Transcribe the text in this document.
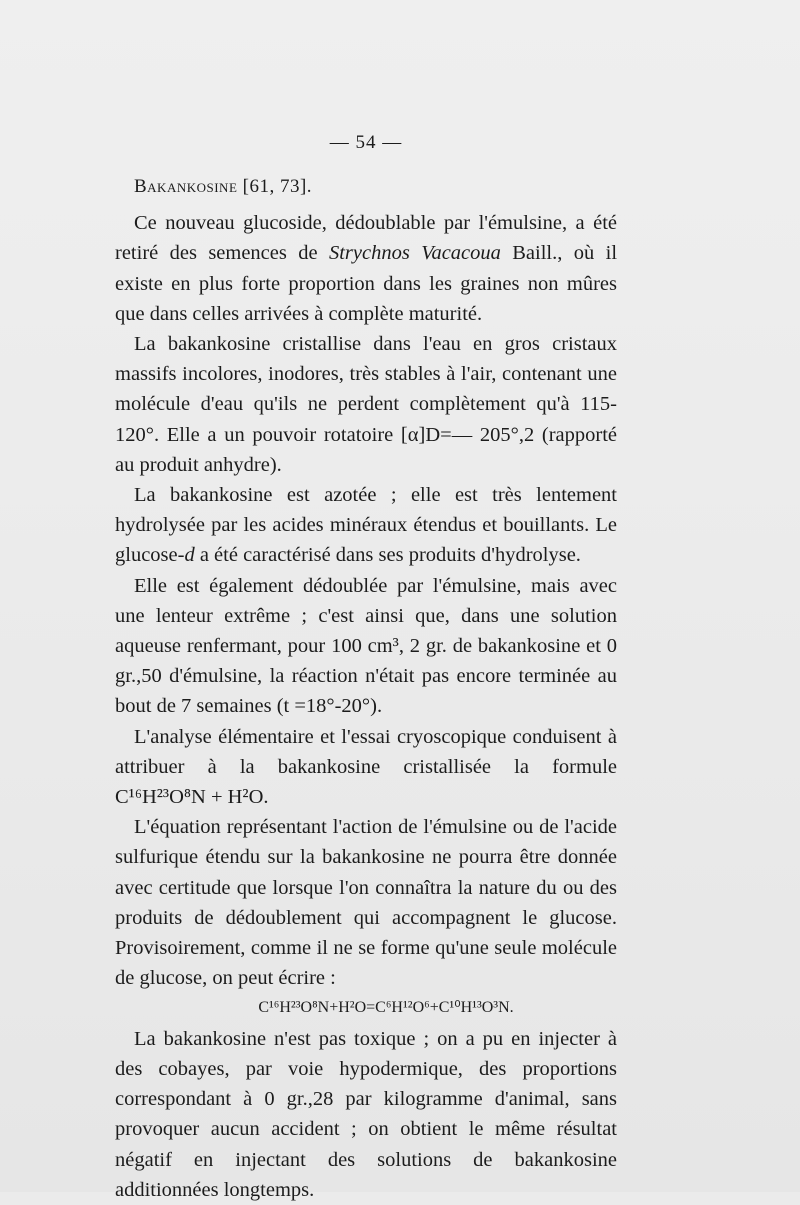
— 54 —
Bakankosine [61, 73].

Ce nouveau glucoside, dédoublable par l'émulsine, a été retiré des semences de Strychnos Vacacoua Baill., où il existe en plus forte proportion dans les graines non mûres que dans celles arrivées à complète maturité.

La bakankosine cristallise dans l'eau en gros cristaux massifs incolores, inodores, très stables à l'air, contenant une molécule d'eau qu'ils ne perdent complètement qu'à 115-120°. Elle a un pouvoir rotatoire [α]D=— 205°,2 (rapporté au produit anhydre).

La bakankosine est azotée ; elle est très lentement hydrolysée par les acides minéraux étendus et bouillants. Le glucose-d a été caractérisé dans ses produits d'hydrolyse.

Elle est également dédoublée par l'émulsine, mais avec une lenteur extrême ; c'est ainsi que, dans une solution aqueuse renfermant, pour 100 cm³, 2 gr. de bakankosine et 0 gr.,50 d'émulsine, la réaction n'était pas encore terminée au bout de 7 semaines (t =18°-20°).

L'analyse élémentaire et l'essai cryoscopique conduisent à attribuer à la bakankosine cristallisée la formule C¹⁶H²³O⁸N + H²O.

L'équation représentant l'action de l'émulsine ou de l'acide sulfurique étendu sur la bakankosine ne pourra être donnée avec certitude que lorsque l'on connaîtra la nature du ou des produits de dédoublement qui accompagnent le glucose. Provisoirement, comme il ne se forme qu'une seule molécule de glucose, on peut écrire :

C¹⁶H²³O⁸N+H²O=C⁶H¹²O⁶+C¹⁰H¹³O³N.

La bakankosine n'est pas toxique ; on a pu en injecter à des cobayes, par voie hypodermique, des proportions correspondant à 0 gr.,28 par kilogramme d'animal, sans provoquer aucun accident ; on obtient le même résultat négatif en injectant des solutions de bakankosine additionnées longtemps.
